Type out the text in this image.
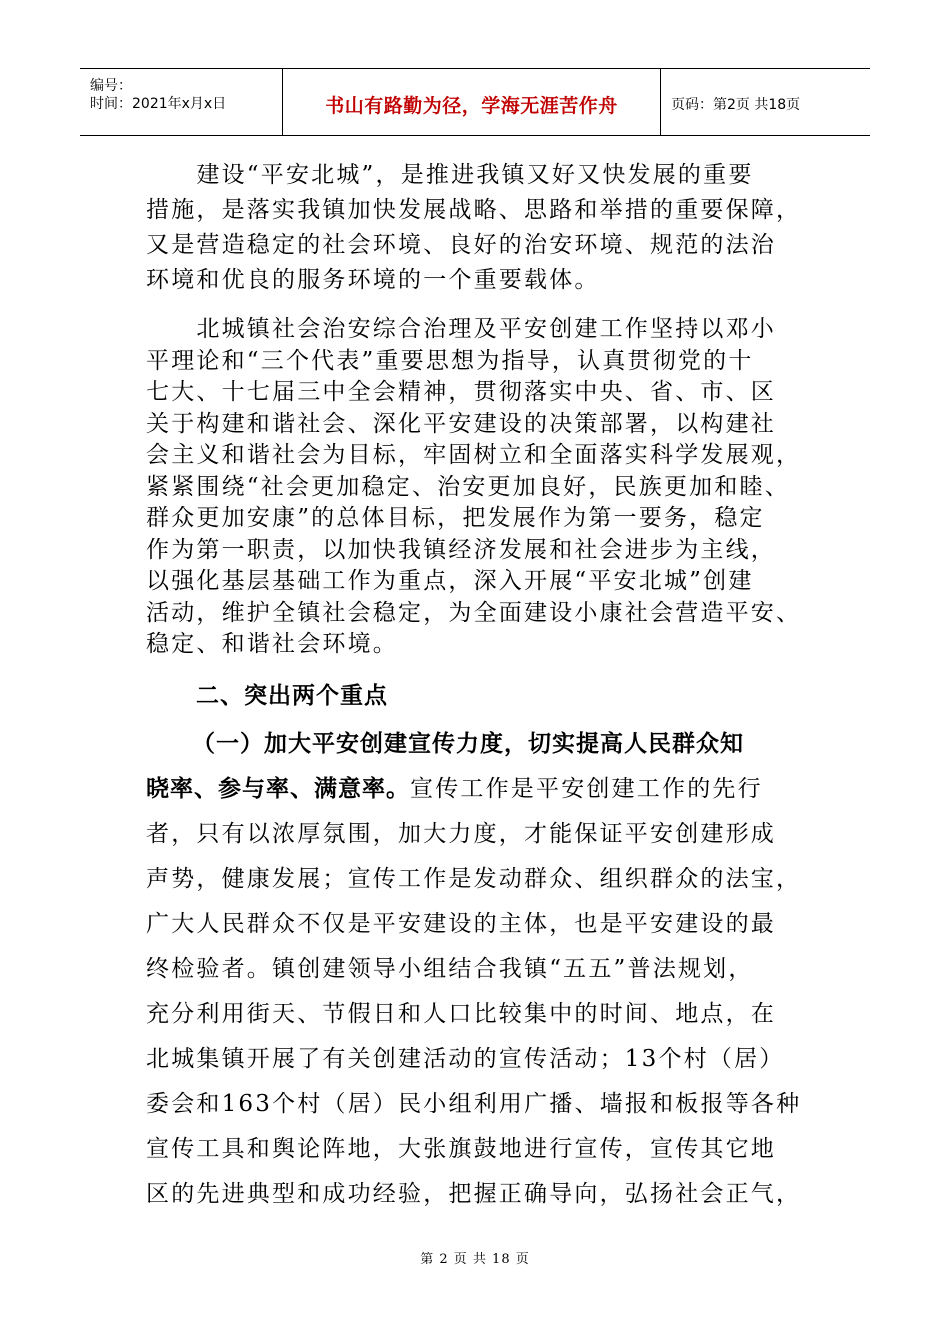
编号：
时间：2021年x月x日	书山有路勤为径，学海无涯苦作舟	页码：第2页 共18页

　　建设“平安北城”，是推进我镇又好又快发展的重要

措施，是落实我镇加快发展战略、思路和举措的重要保障，

又是营造稳定的社会环境、良好的治安环境、规范的法治

环境和优良的服务环境的一个重要载体。

　　北城镇社会治安综合治理及平安创建工作坚持以邓小

平理论和“三个代表”重要思想为指导，认真贯彻党的十

七大、十七届三中全会精神，贯彻落实中央、省、市、区

关于构建和谐社会、深化平安建设的决策部署，以构建社

会主义和谐社会为目标，牢固树立和全面落实科学发展观，

紧紧围绕“社会更加稳定、治安更加良好，民族更加和睦、

群众更加安康”的总体目标，把发展作为第一要务，稳定

作为第一职责，以加快我镇经济发展和社会进步为主线，

以强化基层基础工作为重点，深入开展“平安北城”创建

活动，维护全镇社会稳定，为全面建设小康社会营造平安、

稳定、和谐社会环境。

二、突出两个重点

（一）加大平安创建宣传力度，切实提高人民群众知

晓率、参与率、满意率。宣传工作是平安创建工作的先行

者，只有以浓厚氛围，加大力度，才能保证平安创建形成

声势，健康发展；宣传工作是发动群众、组织群众的法宝，

广大人民群众不仅是平安建设的主体，也是平安建设的最

终检验者。镇创建领导小组结合我镇“五五”普法规划，

充分利用街天、节假日和人口比较集中的时间、地点，在

北城集镇开展了有关创建活动的宣传活动；13个村（居）

委会和163个村（居）民小组利用广播、墙报和板报等各种

宣传工具和舆论阵地，大张旗鼓地进行宣传，宣传其它地

区的先进典型和成功经验，把握正确导向，弘扬社会正气，

第 2 页 共 18 页
